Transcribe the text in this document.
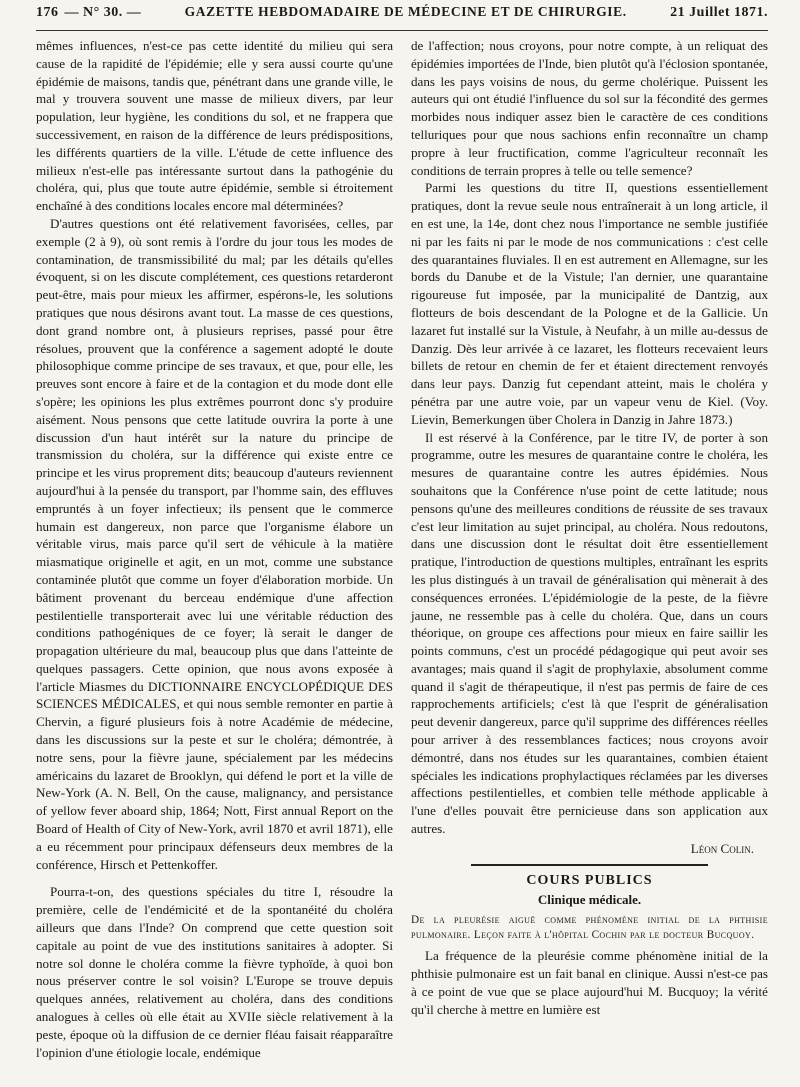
176 — N° 30. —	GAZETTE HEBDOMADAIRE DE MÉDECINE ET DE CHIRURGIE.	21 Juillet 1871.

mêmes influences, n'est-ce pas cette identité du milieu qui sera cause de la rapidité de l'épidémie; elle y sera aussi courte qu'une épidémie de maisons, tandis que, pénétrant dans une grande ville, le mal y trouvera souvent une masse de milieux divers, par leur population, leur hygiène, les conditions du sol, et ne frappera que successivement, en raison de la différence de leurs prédispositions, les différents quartiers de la ville. L'étude de cette influence des milieux n'est-elle pas intéressante surtout dans la pathogénie du choléra, qui, plus que toute autre épidémie, semble si étroitement enchaîné à des conditions locales encore mal déterminées?

D'autres questions ont été relativement favorisées, celles, par exemple (2 à 9), où sont remis à l'ordre du jour tous les modes de contamination, de transmissibilité du mal; par les détails qu'elles évoquent, si on les discute complétement, ces questions retarderont peut-être, mais pour mieux les affirmer, espérons-le, les solutions pratiques que nous désirons avant tout. La masse de ces questions, dont grand nombre ont, à plusieurs reprises, passé pour être résolues, prouvent que la conférence a sagement adopté le doute philosophique comme principe de ses travaux, et que, pour elle, les preuves sont encore à faire et de la contagion et du mode dont elle s'opère; les opinions les plus extrêmes pourront donc s'y produire aisément. Nous pensons que cette latitude ouvrira la porte à une discussion d'un haut intérêt sur la nature du principe de transmission du choléra, sur la différence qui existe entre ce principe et les virus proprement dits; beaucoup d'auteurs reviennent aujourd'hui à la pensée du transport, par l'homme sain, des effluves empruntés à un foyer infectieux; ils pensent que le commerce humain est dangereux, non parce que l'organisme élabore un véritable virus, mais parce qu'il sert de véhicule à la matière miasmatique originelle et agit, en un mot, comme une substance contaminée plutôt que comme un foyer d'élaboration morbide. Un bâtiment provenant du berceau endémique d'une affection pestilentielle transporterait avec lui une véritable réduction des conditions pathogéniques de ce foyer; là serait le danger de propagation ultérieure du mal, beaucoup plus que dans l'atteinte de quelques passagers. Cette opinion, que nous avons exposée à l'article Miasmes du DICTIONNAIRE ENCYCLOPÉDIQUE DES SCIENCES MÉDICALES, et qui nous semble remonter en partie à Chervin, a figuré plusieurs fois à notre Académie de médecine, dans les discussions sur la peste et sur le choléra; démontrée, à notre sens, pour la fièvre jaune, spécialement par les médecins américains du lazaret de Brooklyn, qui défend le port et la ville de New-York (A. N. Bell, On the cause, malignancy, and persistance of yellow fever aboard ship, 1864; Nott, First annual Report on the Board of Health of City of New-York, avril 1870 et avril 1871), elle a eu récemment pour principaux défenseurs deux membres de la conférence, Hirsch et Pettenkoffer.

Pourra-t-on, des questions spéciales du titre I, résoudre la première, celle de l'endémicité et de la spontanéité du choléra ailleurs que dans l'Inde? On comprend que cette question soit capitale au point de vue des institutions sanitaires à adopter. Si notre sol donne le choléra comme la fièvre typhoïde, à quoi bon nous préserver contre le sol voisin? L'Europe se trouve depuis quelques années, relativement au choléra, dans des conditions analogues à celles où elle était au XVIIe siècle relativement à la peste, époque où la diffusion de ce dernier fléau faisait réapparaître l'opinion d'une étiologie locale, endémique

de l'affection; nous croyons, pour notre compte, à un reliquat des épidémies importées de l'Inde, bien plutôt qu'à l'éclosion spontanée, dans les pays voisins de nous, du germe cholérique. Puissent les auteurs qui ont étudié l'influence du sol sur la fécondité des germes morbides nous indiquer assez bien le caractère de ces conditions telluriques pour que nous sachions enfin reconnaître un champ propre à leur fructification, comme l'agriculteur reconnaît les conditions de terrain propres à telle ou telle semence?

Parmi les questions du titre II, questions essentiellement pratiques, dont la revue seule nous entraînerait à un long article, il en est une, la 14e, dont chez nous l'importance ne semble justifiée ni par les faits ni par le mode de nos communications : c'est celle des quarantaines fluviales. Il en est autrement en Allemagne, sur les bords du Danube et de la Vistule; l'an dernier, une quarantaine rigoureuse fut imposée, par la municipalité de Dantzig, aux flotteurs de bois descendant de la Pologne et de la Gallicie. Un lazaret fut installé sur la Vistule, à Neufahr, à un mille au-dessus de Danzig. Dès leur arrivée à ce lazaret, les flotteurs recevaient leurs billets de retour en chemin de fer et étaient directement renvoyés dans leur pays. Danzig fut cependant atteint, mais le choléra y pénétra par une autre voie, par un vapeur venu de Kiel. (Voy. Lievin, Bemerkungen über Cholera in Danzig in Jahre 1873.)

Il est réservé à la Conférence, par le titre IV, de porter à son programme, outre les mesures de quarantaine contre le choléra, les mesures de quarantaine contre les autres épidémies. Nous souhaitons que la Conférence n'use point de cette latitude; nous pensons qu'une des meilleures conditions de réussite de ses travaux c'est leur limitation au sujet principal, au choléra. Nous redoutons, dans une discussion dont le résultat doit être essentiellement pratique, l'introduction de questions multiples, entraînant les esprits les plus distingués à un travail de généralisation qui mènerait à des conséquences erronées. L'épidémiologie de la peste, de la fièvre jaune, ne ressemble pas à celle du choléra. Que, dans un cours théorique, on groupe ces affections pour mieux en faire saillir les points communs, c'est un procédé pédagogique qui peut avoir ses avantages; mais quand il s'agit de prophylaxie, absolument comme quand il s'agit de thérapeutique, il n'est pas permis de faire de ces rapprochements artificiels; c'est là que l'esprit de généralisation peut devenir dangereux, parce qu'il supprime des différences réelles pour arriver à des ressemblances factices; nous croyons avoir démontré, dans nos études sur les quarantaines, combien étaient spéciales les indications prophylactiques réclamées par les diverses affections pestilentielles, et combien telle méthode applicable à l'une d'elles pouvait être pernicieuse dans son application aux autres.

Léon Colin.
COURS PUBLICS
Clinique médicale.
De la pleurésie aiguë comme phénomène initial de la phthisie pulmonaire. Leçon faite à l'hôpital Cochin par le docteur Bucquoy.

La fréquence de la pleurésie comme phénomène initial de la phthisie pulmonaire est un fait banal en clinique. Aussi n'est-ce pas à ce point de vue que se place aujourd'hui M. Bucquoy; la vérité qu'il cherche à mettre en lumière est
